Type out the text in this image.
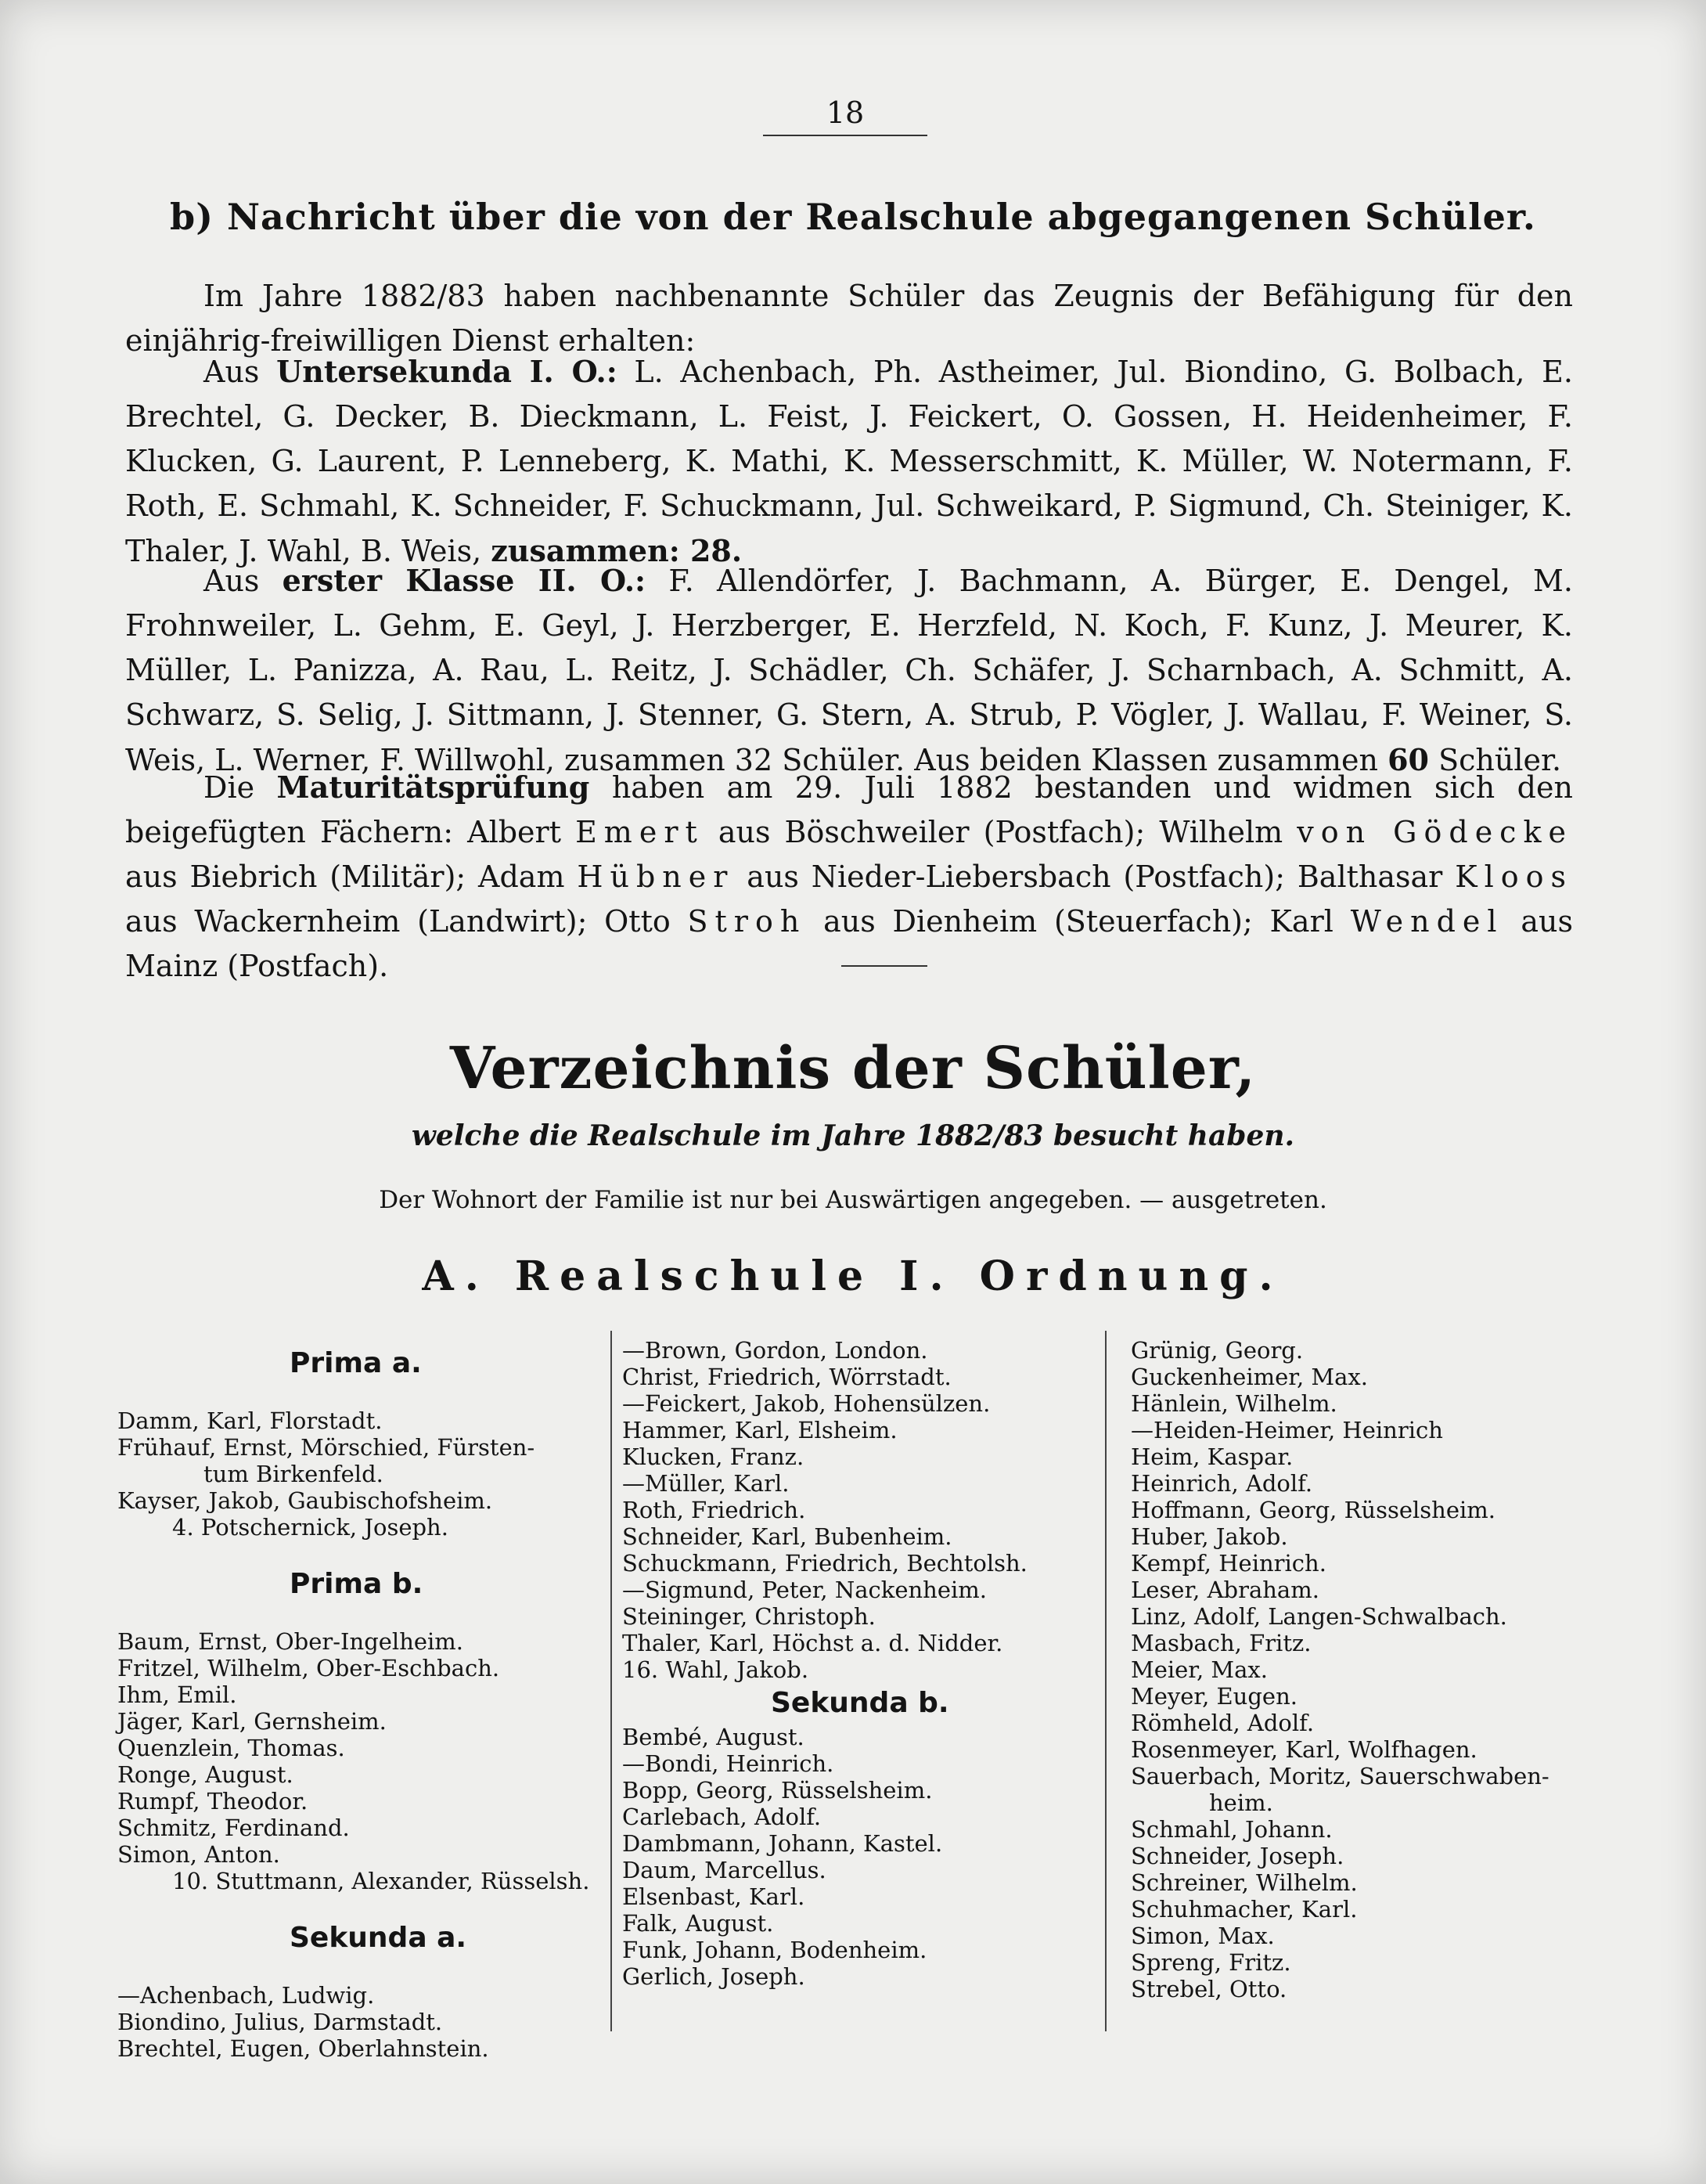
18
b) Nachricht über die von der Realschule abgegangenen Schüler.
Im Jahre 1882/83 haben nachbenannte Schüler das Zeugnis der Befähigung für den einjährig-freiwilligen Dienst erhalten:
Aus Untersekunda I. O.: L. Achenbach, Ph. Astheimer, Jul. Biondino, G. Bolbach, E. Brechtel, G. Decker, B. Dieckmann, L. Feist, J. Feickert, O. Gossen, H. Heidenheimer, F. Klucken, G. Laurent, P. Lenneberg, K. Mathi, K. Messerschmitt, K. Müller, W. Notermann, F. Roth, E. Schmahl, K. Schneider, F. Schuckmann, Jul. Schweikard, P. Sigmund, Ch. Steiniger, K. Thaler, J. Wahl, B. Weis, zusammen: 28.
Aus erster Klasse II. O.: F. Allendörfer, J. Bachmann, A. Bürger, E. Dengel, M. Frohnweiler, L. Gehm, E. Geyl, J. Herzberger, E. Herzfeld, N. Koch, F. Kunz, J. Meurer, K. Müller, L. Panizza, A. Rau, L. Reitz, J. Schädler, Ch. Schäfer, J. Scharnbach, A. Schmitt, A. Schwarz, S. Selig, J. Sittmann, J. Stenner, G. Stern, A. Strub, P. Vögler, J. Wallau, F. Weiner, S. Weis, L. Werner, F. Willwohl, zusammen 32 Schüler. Aus beiden Klassen zusammen 60 Schüler.
Die Maturitätsprüfung haben am 29. Juli 1882 bestanden und widmen sich den beigefügten Fächern: Albert Emert aus Böschweiler (Postfach); Wilhelm von Gödecke aus Biebrich (Militär); Adam Hübner aus Nieder-Liebersbach (Postfach); Balthasar Kloos aus Wackernheim (Landwirt); Otto Stroh aus Dienheim (Steuerfach); Karl Wendel aus Mainz (Postfach).
Verzeichnis der Schüler,
welche die Realschule im Jahre 1882/83 besucht haben.
Der Wohnort der Familie ist nur bei Auswärtigen angegeben. — ausgetreten.
A. Realschule I. Ordnung.
Prima a.
Damm, Karl, Florstadt.
Frühauf, Ernst, Mörschied, Fürsten-
tum Birkenfeld.
Kayser, Jakob, Gaubischofsheim.
4. Potschernick, Joseph.
Prima b.
Baum, Ernst, Ober-Ingelheim.
Fritzel, Wilhelm, Ober-Eschbach.
Ihm, Emil.
Jäger, Karl, Gernsheim.
Quenzlein, Thomas.
Ronge, August.
Rumpf, Theodor.
Schmitz, Ferdinand.
Simon, Anton.
10. Stuttmann, Alexander, Rüsselsh.
Sekunda a.
—Achenbach, Ludwig.
Biondino, Julius, Darmstadt.
Brechtel, Eugen, Oberlahnstein.
—Brown, Gordon, London.
Christ, Friedrich, Wörrstadt.
—Feickert, Jakob, Hohensülzen.
Hammer, Karl, Elsheim.
Klucken, Franz.
—Müller, Karl.
Roth, Friedrich.
Schneider, Karl, Bubenheim.
Schuckmann, Friedrich, Bechtolsh.
—Sigmund, Peter, Nackenheim.
Steininger, Christoph.
Thaler, Karl, Höchst a. d. Nidder.
16. Wahl, Jakob.
Sekunda b.
Bembé, August.
—Bondi, Heinrich.
Bopp, Georg, Rüsselsheim.
Carlebach, Adolf.
Dambmann, Johann, Kastel.
Daum, Marcellus.
Elsenbast, Karl.
Falk, August.
Funk, Johann, Bodenheim.
Gerlich, Joseph.
Grünig, Georg.
Guckenheimer, Max.
Hänlein, Wilhelm.
—Heiden-Heimer, Heinrich
Heim, Kaspar.
Heinrich, Adolf.
Hoffmann, Georg, Rüsselsheim.
Huber, Jakob.
Kempf, Heinrich.
Leser, Abraham.
Linz, Adolf, Langen-Schwalbach.
Masbach, Fritz.
Meier, Max.
Meyer, Eugen.
Römheld, Adolf.
Rosenmeyer, Karl, Wolfhagen.
Sauerbach, Moritz, Sauerschwaben-
heim.
Schmahl, Johann.
Schneider, Joseph.
Schreiner, Wilhelm.
Schuhmacher, Karl.
Simon, Max.
Spreng, Fritz.
Strebel, Otto.
